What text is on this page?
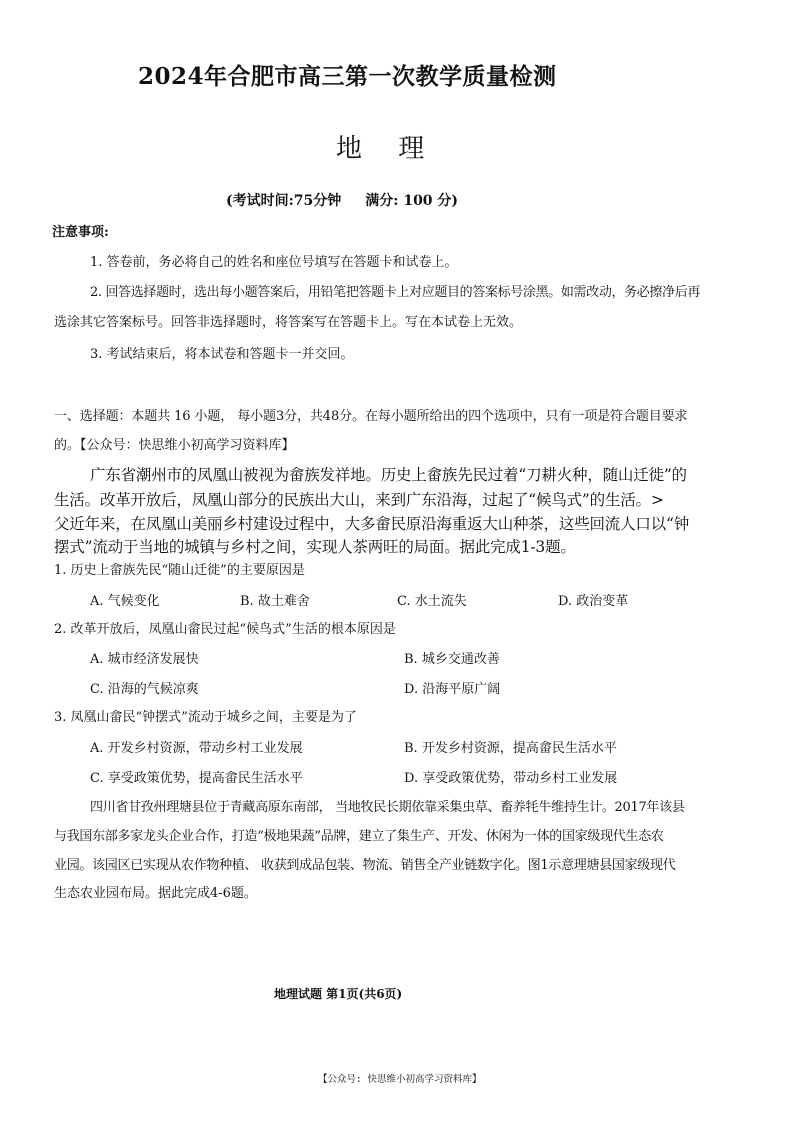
2024年合肥市高三第一次教学质量检测
地 理
(考试时间:75分钟 满分: 100 分)
注意事项:
1. 答卷前，务必将自己的姓名和座位号填写在答题卡和试卷上。
2. 回答选择题时，选出每小题答案后，用铅笔把答题卡上对应题目的答案标号涂黑。如需改动，务必擦净后再
选涂其它答案标号。回答非选择题时，将答案写在答题卡上。写在本试卷上无效。
3. 考试结束后，将本试卷和答题卡一并交回。
一、选择题：本题共 16 小题， 每小题3分，共48分。在每小题所给出的四个选项中，只有一项是符合题目要求
的。【公众号：快思维小初高学习资料库】
广东省潮州市的凤凰山被视为畲族发祥地。历史上畲族先民过着“刀耕火种，随山迁徙”的
生活。改革开放后，凤凰山部分的民族出大山，来到广东沿海，过起了“候鸟式”的生活。>
父近年来，在凤凰山美丽乡村建设过程中，大多畲民原沿海重返大山种茶，这些回流人口以“钟
摆式”流动于当地的城镇与乡村之间，实现人茶两旺的局面。据此完成1-3题。
1. 历史上畲族先民“随山迁徙”的主要原因是
A. 气候变化	B. 故土难舍	C. 水土流失	D. 政治变革
2. 改革开放后，凤凰山畲民过起“候鸟式”生活的根本原因是
A. 城市经济发展快	B. 城乡交通改善
C. 沿海的气候凉爽	D. 沿海平原广阔
3. 凤凰山畲民“钟摆式”流动于城乡之间，主要是为了
A. 开发乡村资源，带动乡村工业发展	B. 开发乡村资源，提高畲民生活水平
C. 享受政策优势，提高畲民生活水平	D. 享受政策优势，带动乡村工业发展
四川省甘孜州理塘县位于青藏高原东南部， 当地牧民长期依靠采集虫草、畜养牦牛维持生计。2017年该县
与我国东部多家龙头企业合作，打造“极地果蔬”品牌，建立了集生产、开发、休闲为一体的国家级现代生态农
业园。该园区已实现从农作物种植、 收获到成品包装、物流、销售全产业链数字化。图1示意理塘县国家级现代
生态农业园布局。据此完成4-6题。
地理试题 第1页(共6页)
【公众号: 快思维小初高学习资料库】
